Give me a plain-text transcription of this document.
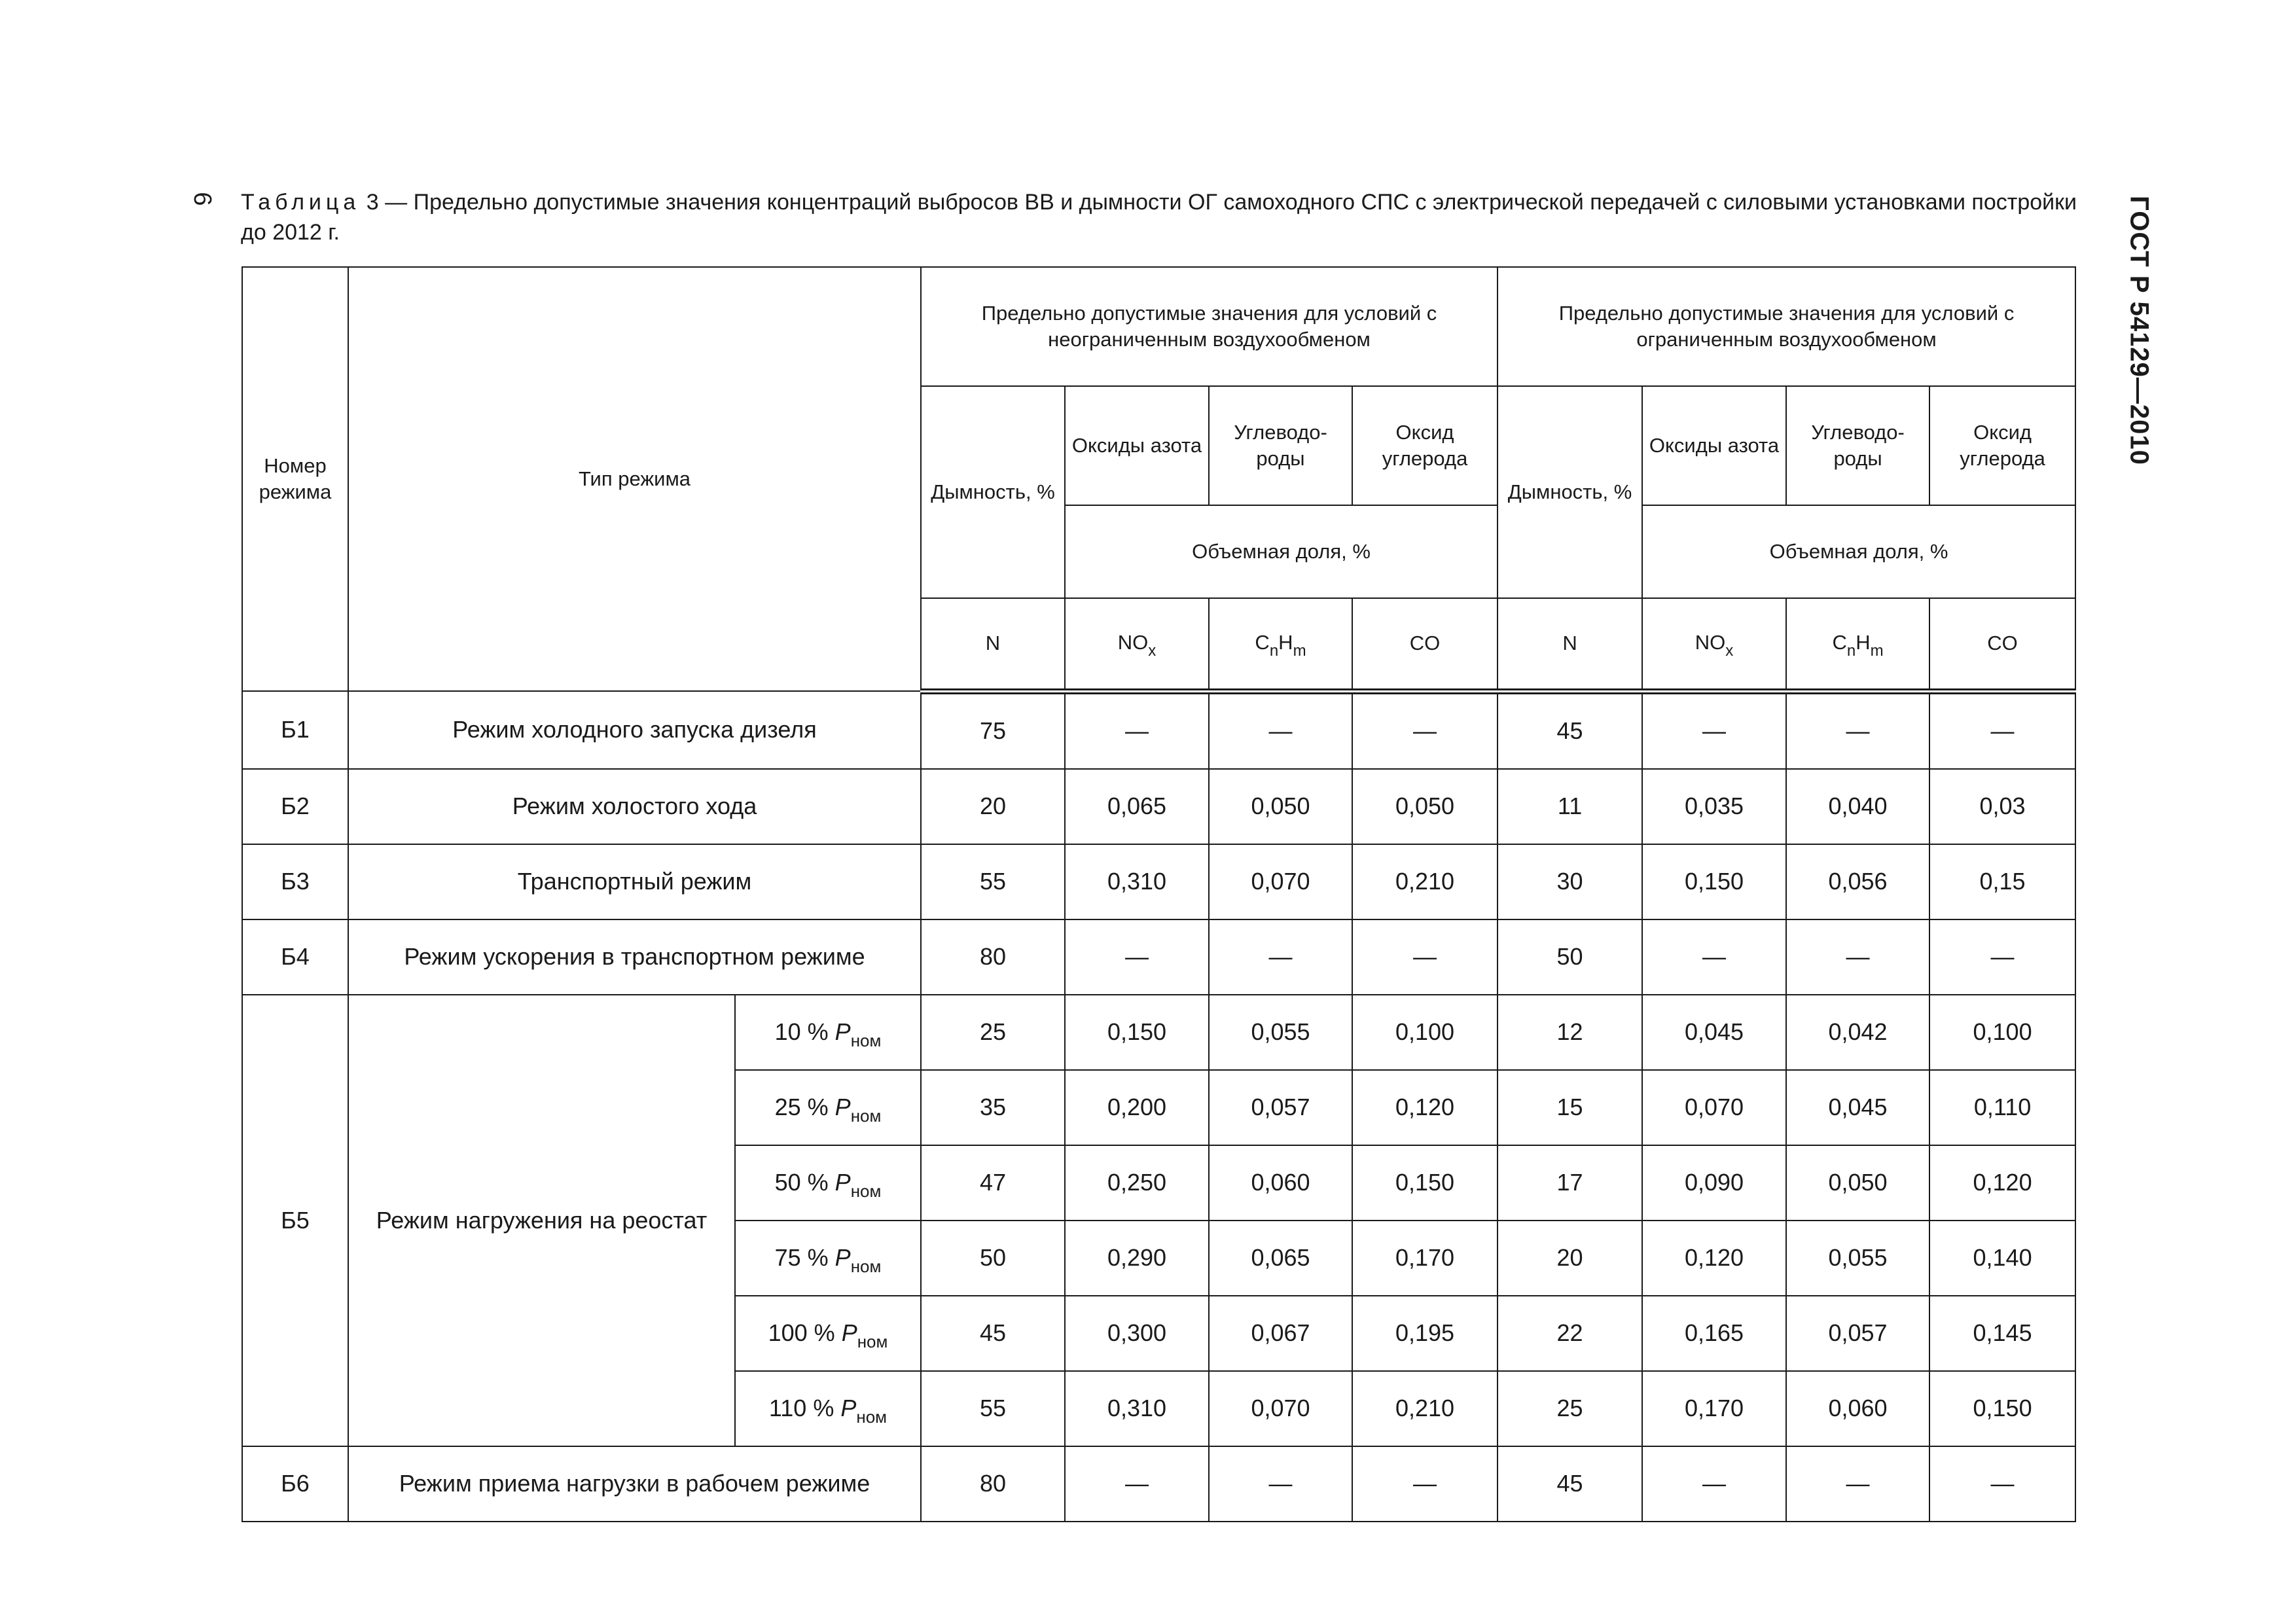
6	ГОСТ Р 54129—2010
Таблица 3 — Предельно допустимые значения концентраций выбросов ВВ и дымности ОГ самоходного СПС с электрической передачей с силовыми установками постройки до 2012 г.
Номер режима	Тип режима		Предельно допустимые значения для условий с неограниченным воздухообменом				Предельно допустимые значения для условий с ограниченным воздухообменом			
			Дымность, %	Оксиды азота	Углеводо-роды	Оксид углерода	Дымность, %	Оксиды азота	Углеводо-роды	Оксид углерода
				Объемная доля, %				Объемная доля, %		
			N	$NO_x$	$C_nH_m$	CO	N	$NO_x$	$C_nH_m$	CO
Б1	Режим холодного запуска дизеля		75	—	—	—	45	—	—	—
Б2	Режим холостого хода		20	0,065	0,050	0,050	11	0,035	0,040	0,03
Б3	Транспортный режим		55	0,310	0,070	0,210	30	0,150	0,056	0,15
Б4	Режим ускорения в транспортном режиме		80	—	—	—	50	—	—	—
Б5	Режим нагружения на реостат	10 % $P_{ном}$	25	0,150	0,055	0,100	12	0,045	0,042	0,100
		25 % $P_{ном}$	35	0,200	0,057	0,120	15	0,070	0,045	0,110
		50 % $P_{ном}$	47	0,250	0,060	0,150	17	0,090	0,050	0,120
		75 % $P_{ном}$	50	0,290	0,065	0,170	20	0,120	0,055	0,140
		100 % $P_{ном}$	45	0,300	0,067	0,195	22	0,165	0,057	0,145
		110 % $P_{ном}$	55	0,310	0,070	0,210	25	0,170	0,060	0,150
Б6	Режим приема нагрузки в рабочем режиме		80	—	—	—	45	—	—	—
